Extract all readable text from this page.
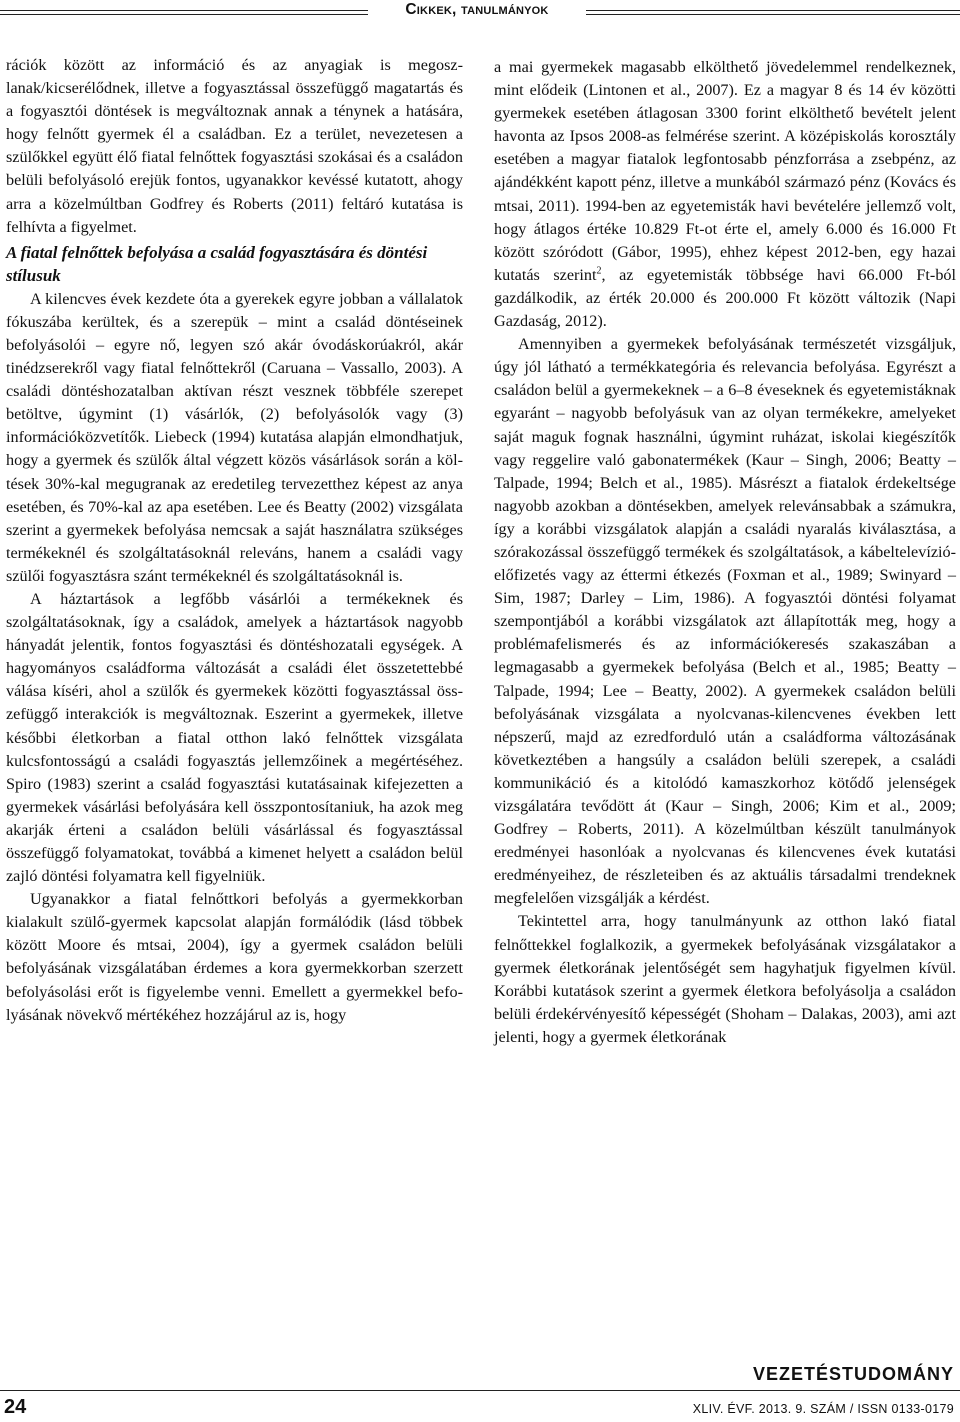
Cikkek, tanulmányok

rációk között az információ és az anyagiak is megoszlanak/kicserélődnek, illetve a fogyasztással összefüggő magatartás és a fogyasztói döntések is megváltoznak annak a ténynek a hatására, hogy felnőtt gyermek él a családban. Ez a terület, nevezetesen a szülőkkel együtt élő fiatal felnőttek fogyasztási szokásai és a családon belüli befolyásoló erejük fontos, ugyanakkor kevéssé kutatott, ahogy arra a közelmúltban Godfrey és Roberts (2011) feltáró kutatása is felhívta a figyelmet.

A fiatal felnőttek befolyása a család fogyasztására és döntési stílusuk

A kilencves évek kezdete óta a gyerekek egyre jobban a vállalatok fókuszába kerültek, és a szerepük – mint a család döntéseinek befolyásolói – egyre nő, legyen szó akár óvodáskorúakról, akár tinédzserekről vagy fiatal felnőttekről (Caruana – Vassallo, 2003). A családi döntéshozatalban aktívan részt vesznek többféle szerepet betöltve, úgymint (1) vásárlók, (2) befolyásolók vagy (3) információközvetítők. Liebeck (1994) kutatása alapján elmondhatjuk, hogy a gyermek és szülők által végzett közös vásárlások során a költések 30%-kal megugranak az eredetileg tervezetthez képest az anya esetében, és 70%-kal az apa esetében. Lee és Beatty (2002) vizsgálata szerint a gyermekek befolyása nemcsak a saját használatra szükséges termékeknél és szolgáltatásoknál releváns, hanem a családi vagy szülői fogyasztásra szánt termékeknél és szolgáltatásoknál is.

A háztartások a legfőbb vásárlói a termékeknek és szolgáltatásoknak, így a családok, amelyek a háztartások nagyobb hányadát jelentik, fontos fogyasztási és döntéshozatali egységek. A hagyományos családforma változását a családi élet összetettebbé válása kíséri, ahol a szülők és gyermekek közötti fogyasztással összefüggő interakciók is megváltoznak. Eszerint a gyermekek, illetve későbbi életkorban a fiatal otthon lakó felnőttek vizsgálata kulcsfontosságú a családi fogyasztás jellemzőinek a megértéséhez. Spiro (1983) szerint a család fogyasztási kutatásainak kifejezetten a gyermekek vásárlási befolyására kell összpontosítaniuk, ha azok meg akarják érteni a családon belüli vásárlással és fogyasztással összefüggő folyamatokat, továbbá a kimenet helyett a családon belül zajló döntési folyamatra kell figyelniük.

Ugyanakkor a fiatal felnőttkori befolyás a gyermekkorban kialakult szülő-gyermek kapcsolat alapján formálódik (lásd többek között Moore és mtsai, 2004), így a gyermek családon belüli befolyásának vizsgálatában érdemes a kora gyermekkorban szerzett befolyásolási erőt is figyelembe venni. Emellett a gyermekkel befolyásának növekvő mértékéhez hozzájárul az is, hogy

a mai gyermekek magasabb elkölthető jövedelemmel rendelkeznek, mint elődeik (Lintonen et al., 2007). Ez a magyar 8 és 14 év közötti gyermekek esetében átlagosan 3300 forint elkölthető bevételt jelent havonta az Ipsos 2008-as felmérése szerint. A középiskolás korosztály esetében a magyar fiatalok legfontosabb pénzforrása a zsebpénz, az ajándékként kapott pénz, illetve a munkából származó pénz (Kovács és mtsai, 2011). 1994-ben az egyetemisták havi bevételére jellemző volt, hogy átlagos értéke 10.829 Ft-ot érte el, amely 6.000 és 16.000 Ft között szóródott (Gábor, 1995), ehhez képest 2012-ben, egy hazai kutatás szerint$^2$, az egyetemisták többsége havi 66.000 Ft-ból gazdálkodik, az érték 20.000 és 200.000 Ft között változik (Napi Gazdaság, 2012).

Amennyiben a gyermekek befolyásának természetét vizsgáljuk, úgy jól látható a termékkategória és relevancia befolyása. Egyrészt a családon belül a gyermekeknek – a 6–8 éveseknek és egyetemistáknak egyaránt – nagyobb befolyásuk van az olyan termékekre, amelyeket saját maguk fognak használni, úgymint ruházat, iskolai kiegészítők vagy reggelire való gabonatermékek (Kaur – Singh, 2006; Beatty – Talpade, 1994; Belch et al., 1985). Másrészt a fiatalok érdekeltsége nagyobb azokban a döntésekben, amelyek relevánsabbak a számukra, így a korábbi vizsgálatok alapján a családi nyaralás kiválasztása, a szórakozással összefüggő termékek és szolgáltatások, a kábeltelevízió-előfizetés vagy az éttermi étkezés (Foxman et al., 1989; Swinyard – Sim, 1987; Darley – Lim, 1986). A fogyasztói döntési folyamat szempontjából a korábbi vizsgálatok azt állapították meg, hogy a problémafelismerés és az információkeresés szakaszában a legmagasabb a gyermekek befolyása (Belch et al., 1985; Beatty – Talpade, 1994; Lee – Beatty, 2002). A gyermekek családon belüli befolyásának vizsgálata a nyolcvanas-kilencvenes években lett népszerű, majd az ezredforduló után a családforma változásának következtében a hangsúly a családon belüli szerepek, a családi kommunikáció és a kitolódó kamaszkorhoz kötődő jelenségek vizsgálatára tevődött át (Kaur – Singh, 2006; Kim et al., 2009; Godfrey – Roberts, 2011). A közelmúltban készült tanulmányok eredményei hasonlóak a nyolcvanas és kilencvenes évek kutatási eredményeihez, de részleteiben és az aktuális társadalmi trendeknek megfelelően vizsgálják a kérdést.

Tekintettel arra, hogy tanulmányunk az otthon lakó fiatal felnőttekkel foglalkozik, a gyermekek befolyásának vizsgálatakor a gyermek életkorának jelentőségét sem hagyhatjuk figyelmen kívül. Korábbi kutatások szerint a gyermek életkora befolyásolja a családon belüli érdekérvényesítő képességét (Shoham – Dalakas, 2003), ami azt jelenti, hogy a gyermek életkorának

VEZETÉSTUDOMÁNY
24	XLIV. ÉVF. 2013. 9. SZÁM / ISSN 0133-0179
